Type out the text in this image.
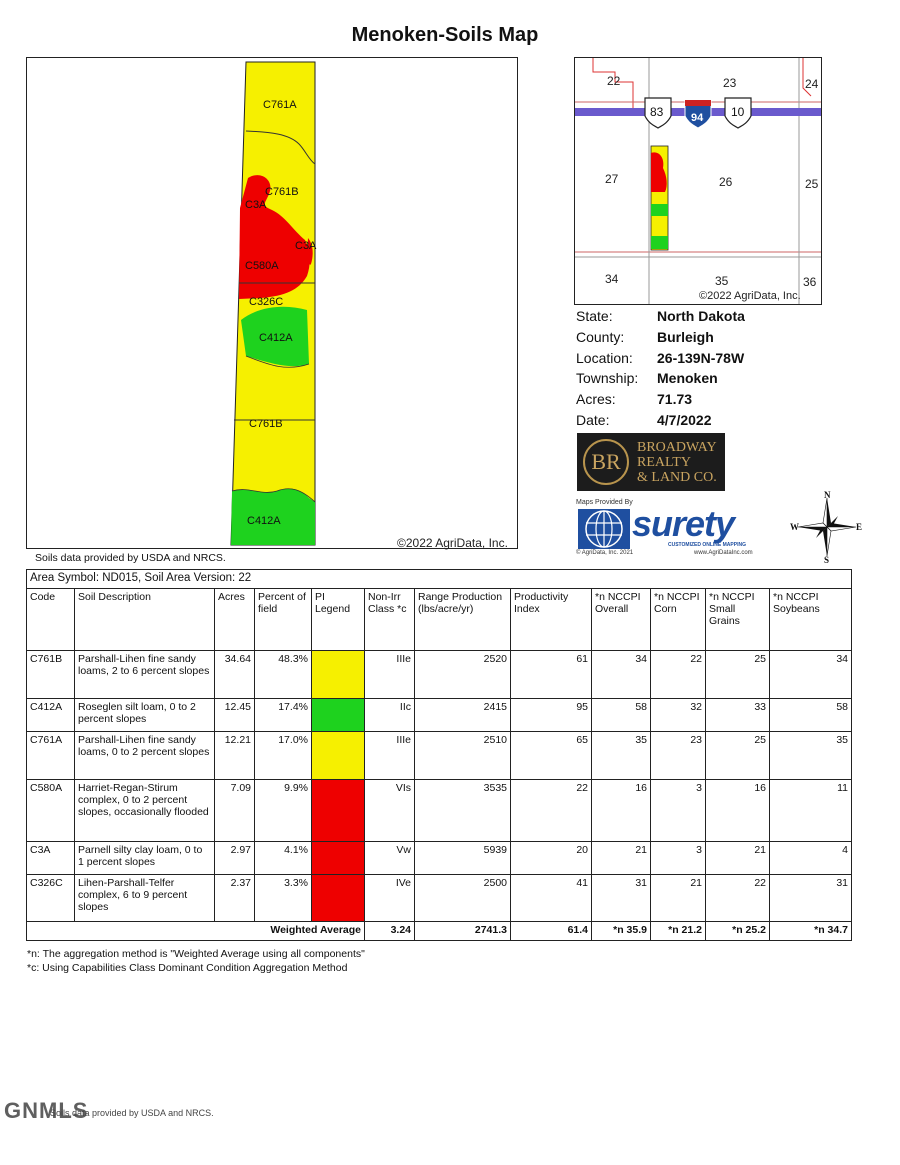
Menoken-Soils Map
C761A
C761B
C3A
C3A
C580A
C326C
C412A
C761B
C412A
©2022 AgriData, Inc.
Soils data provided by USDA and NRCS.
83	94 10
22	23	24
27	26	25
34	35	36
©2022 AgriData, Inc.
State:	North Dakota
County:	Burleigh
Location:	26-139N-78W
Township:	Menoken
Acres:	71.73
Date:	4/7/2022
BR
BROADWAY
REALTY
& LAND CO.
Maps Provided By
surety
CUSTOMIZED ONLINE MAPPING
© AgriData, Inc. 2021	www.AgriDataInc.com
N
S
W	E
Area Symbol: ND015, Soil Area Version: 22											
Code	Soil Description	Acres	Percent of field	PI Legend	Non-Irr Class *c	Range Production (lbs/acre/yr)	Productivity Index	*n NCCPI Overall	*n NCCPI Corn	*n NCCPI Small Grains	*n NCCPI Soybeans
C761B	Parshall-Lihen fine sandy loams, 2 to 6 percent slopes	34.64	48.3%		IIIe	2520	61	34	22	25	34
C412A	Roseglen silt loam, 0 to 2 percent slopes	12.45	17.4%		IIc	2415	95	58	32	33	58
C761A	Parshall-Lihen fine sandy loams, 0 to 2 percent slopes	12.21	17.0%		IIIe	2510	65	35	23	25	35
C580A	Harriet-Regan-Stirum complex, 0 to 2 percent slopes, occasionally flooded	7.09	9.9%		VIs	3535	22	16	3	16	11
C3A	Parnell silty clay loam, 0 to 1 percent slopes	2.97	4.1%		Vw	5939	20	21	3	21	4
C326C	Lihen-Parshall-Telfer complex, 6 to 9 percent slopes	2.37	3.3%		IVe	2500	41	31	21	22	31
Weighted Average					3.24	2741.3	61.4	*n 35.9	*n 21.2	*n 25.2	*n 34.7
*n: The aggregation method is "Weighted Average using all components"
*c: Using Capabilities Class Dominant Condition Aggregation Method
GNMLS
Soils data provided by USDA and NRCS.
